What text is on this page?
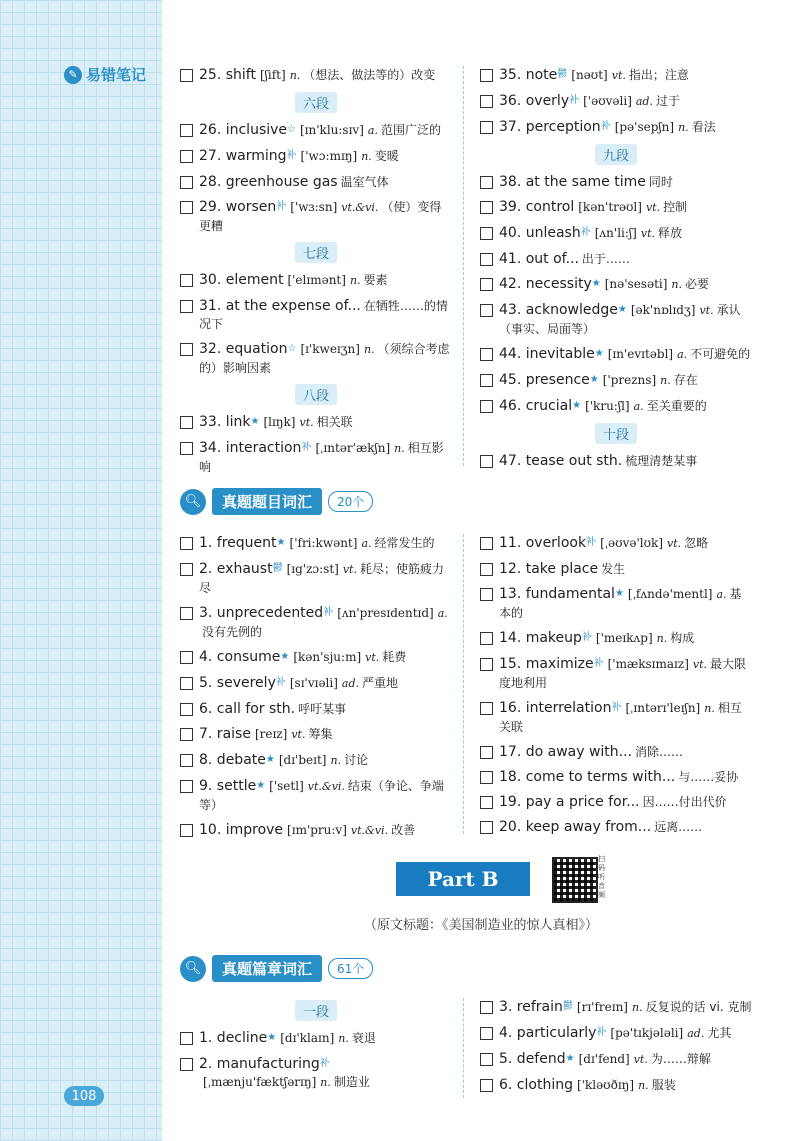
✎ 易错笔记
108
25. shift [ʃift] n. （想法、做法等的）改变
六段
26. inclusive☆ [ɪn'klu:sɪv] a. 范围广泛的
27. warming$^补$ ['wɔ:mɪŋ] n. 变暖
28. greenhouse gas 温室气体
29. worsen$^补$ ['wɜ:sn] vt.&vi. （使）变得更糟
七段
30. element ['elɪmənt] n. 要素
31. at the expense of... 在牺牲……的情况下
32. equation☆ [ɪ'kweɪʒn] n. （须综合考虑的）影响因素
八段
33. link★ [lɪŋk] vt. 相关联
34. interaction$^补$ [ˌɪntər'ækʃn] n. 相互影响
35. note$^鬱$ [nəʊt] vt. 指出；注意
36. overly$^补$ ['əʊvəli] ad. 过于
37. perception$^补$ [pə'sepʃn] n. 看法
九段
38. at the same time 同时
39. control [kən'trəʊl] vt. 控制
40. unleash$^补$ [ʌn'li:ʃ] vt. 释放
41. out of... 出于……
42. necessity★ [nə'sesəti] n. 必要
43. acknowledge★ [ək'nɒlɪdʒ] vt. 承认（事实、局面等）
44. inevitable★ [ɪn'evɪtəbl] a. 不可避免的
45. presence★ ['prezns] n. 存在
46. crucial★ ['kru:ʃl] a. 至关重要的
十段
47. tease out sth. 梳理清楚某事
🔍︎	真题题目词汇	20个
1. frequent★ ['fri:kwənt] a. 经常发生的
2. exhaust$^鬱$ [ɪg'zɔ:st] vt. 耗尽；使筋疲力尽
3. unprecedented$^补$ [ʌn'presɪdentɪd] a.没有先例的
4. consume★ [kən'sju:m] vt. 耗费
5. severely$^补$ [sɪ'vɪəli] ad. 严重地
6. call for sth. 呼吁某事
7. raise [reɪz] vt. 筹集
8. debate★ [dɪ'beɪt] n. 讨论
9. settle★ ['setl] vt.&vi. 结束（争论、争端等）
10. improve [ɪm'pru:v] vt.&vi. 改善
11. overlook$^补$ [ˌəʊvə'lʊk] vt. 忽略
12. take place 发生
13. fundamental★ [ˌfʌndə'mentl] a. 基本的
14. makeup$^补$ ['meɪkʌp] n. 构成
15. maximize$^补$ ['mæksɪmaɪz] vt. 最大限度地利用
16. interrelation$^补$ [ˌɪntərɪ'leɪʃn] n. 相互关联
17. do away with... 消除……
18. come to terms with... 与……妥协
19. pay a price for... 因……付出代价
20. keep away from... 远离……
Part B
扫码听音频
（原文标题：《美国制造业的惊人真相》）
🔍︎	真题篇章词汇	61个
一段
1. decline★ [dɪ'klaɪn] n. 衰退
2. manufacturing$^补$[ˌmænju'fæktʃərɪŋ] n. 制造业
3. refrain$^鬱$ [rɪ'freɪn] n. 反复说的话 vi. 克制
4. particularly$^补$ [pə'tɪkjələli] ad. 尤其
5. defend★ [dɪ'fend] vt. 为……辩解
6. clothing ['kləʊðɪŋ] n. 服装
